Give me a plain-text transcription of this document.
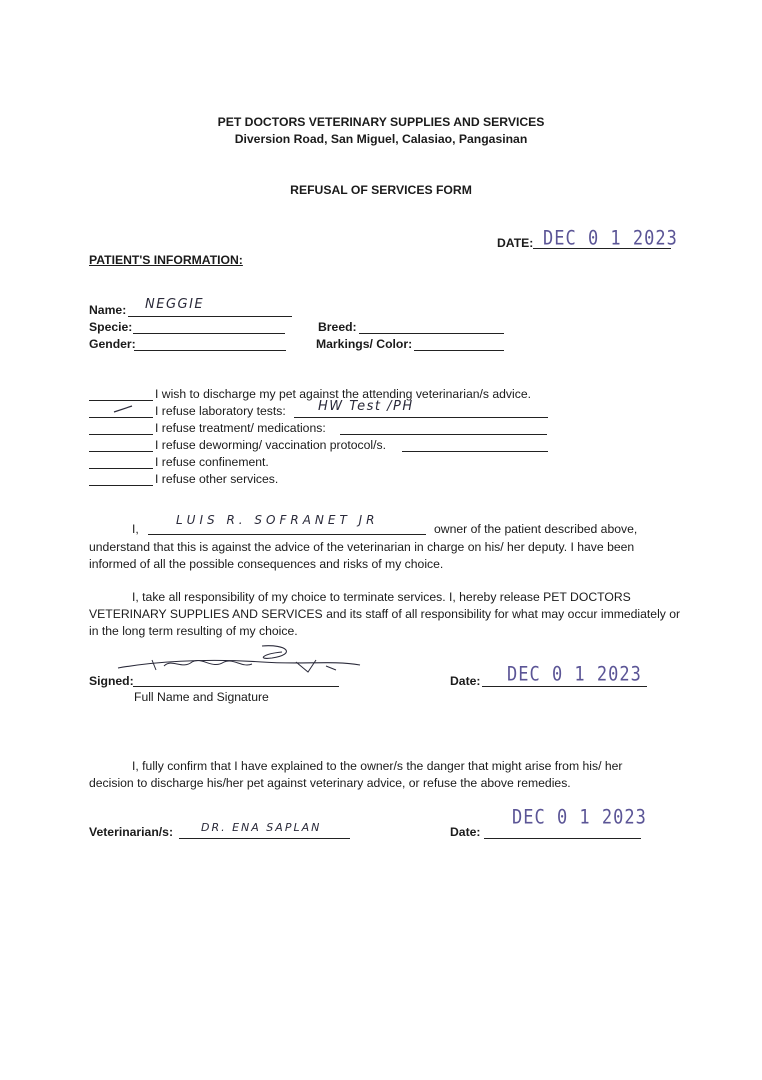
PET DOCTORS VETERINARY SUPPLIES AND SERVICES
Diversion Road, San Miguel, Calasiao, Pangasinan
REFUSAL OF SERVICES FORM
DATE: DEC 0 1 2023
PATIENT'S INFORMATION:
Name: NEGGIE
Specie:	Breed:
Gender:	Markings/ Color:
I wish to discharge my pet against the attending veterinarian/s advice.
I refuse laboratory tests: HW Test /PH
I refuse treatment/ medications:
I refuse deworming/ vaccination protocol/s.
I refuse confinement.
I refuse other services.
I,
LUIS R. SOFRANET JR
owner of the patient described above,
understand that this is against the advice of the veterinarian in charge on his/ her deputy. I have been
informed of all the possible consequences and risks of my choice.
I, take all responsibility of my choice to terminate services. I, hereby release PET DOCTORS
VETERINARY SUPPLIES AND SERVICES and its staff of all responsibility for what may occur immediately or
in the long term resulting of my choice.
Signed:
Full Name and Signature
Date: DEC 0 1 2023
I, fully confirm that I have explained to the owner/s the danger that might arise from his/ her
decision to discharge his/her pet against veterinary advice, or refuse the above remedies.
Veterinarian/s:	DR. ENA SAPLAN	Date:
DEC 0 1 2023
